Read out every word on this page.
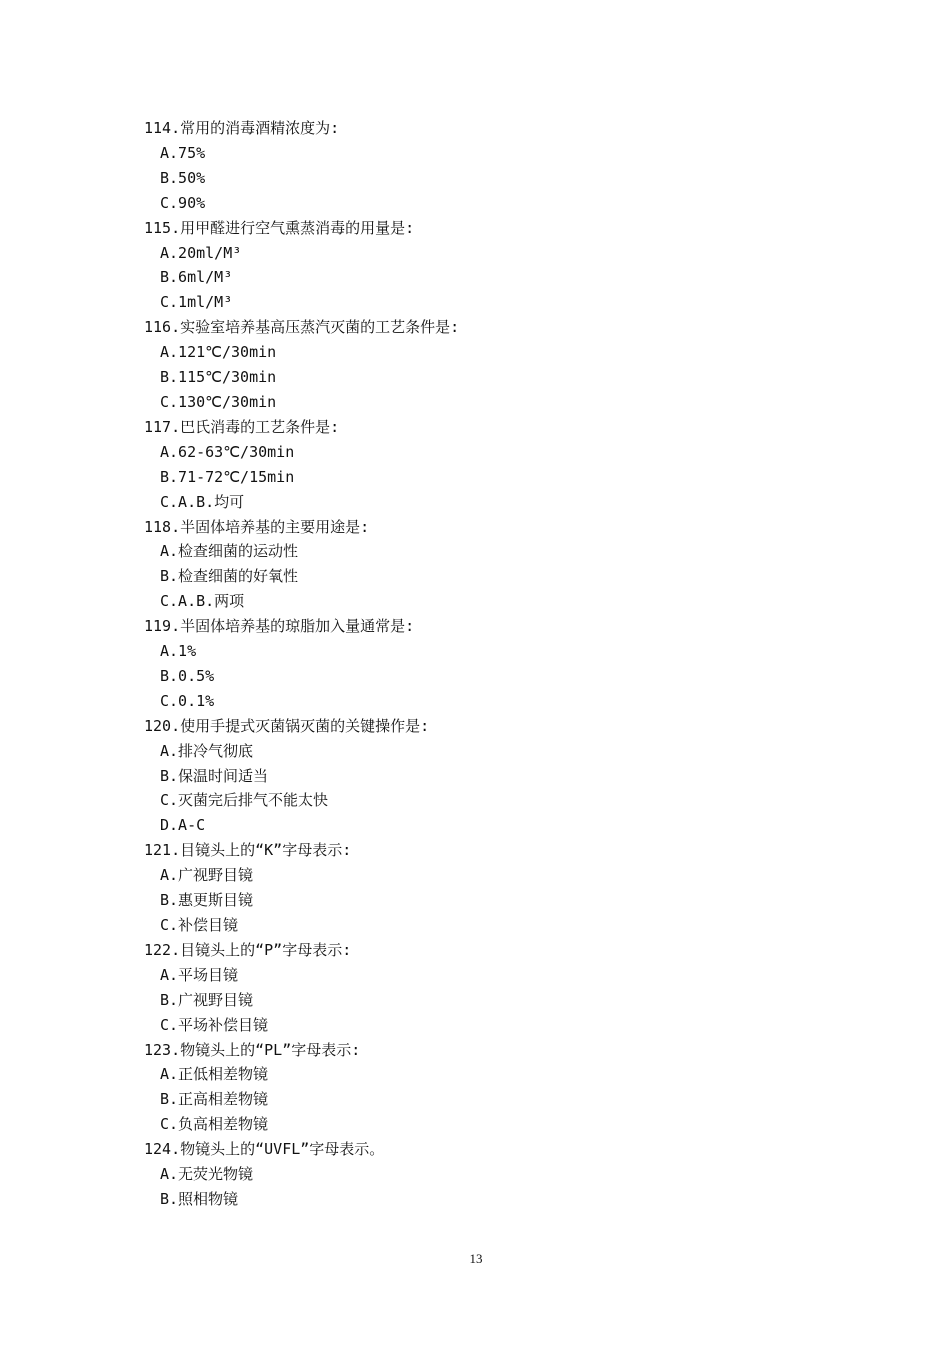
114.常用的消毒酒精浓度为:
A.75%
B.50%
C.90%
115.用甲醛进行空气熏蒸消毒的用量是:
A.20ml/M³
B.6ml/M³
C.1ml/M³
116.实验室培养基高压蒸汽灭菌的工艺条件是:
A.121℃/30min
B.115℃/30min
C.130℃/30min
117.巴氏消毒的工艺条件是:
A.62-63℃/30min
B.71-72℃/15min
C.A.B.均可
118.半固体培养基的主要用途是:
A.检查细菌的运动性
B.检查细菌的好氧性
C.A.B.两项
119.半固体培养基的琼脂加入量通常是:
A.1%
B.0.5%
C.0.1%
120.使用手提式灭菌锅灭菌的关键操作是:
A.排冷气彻底
B.保温时间适当
C.灭菌完后排气不能太快
D.A-C
121.目镜头上的“K”字母表示:
A.广视野目镜
B.惠更斯目镜
C.补偿目镜
122.目镜头上的“P”字母表示:
A.平场目镜
B.广视野目镜
C.平场补偿目镜
123.物镜头上的“PL”字母表示:
A.正低相差物镜
B.正高相差物镜
C.负高相差物镜
124.物镜头上的“UVFL”字母表示。
A.无荧光物镜
B.照相物镜
13
